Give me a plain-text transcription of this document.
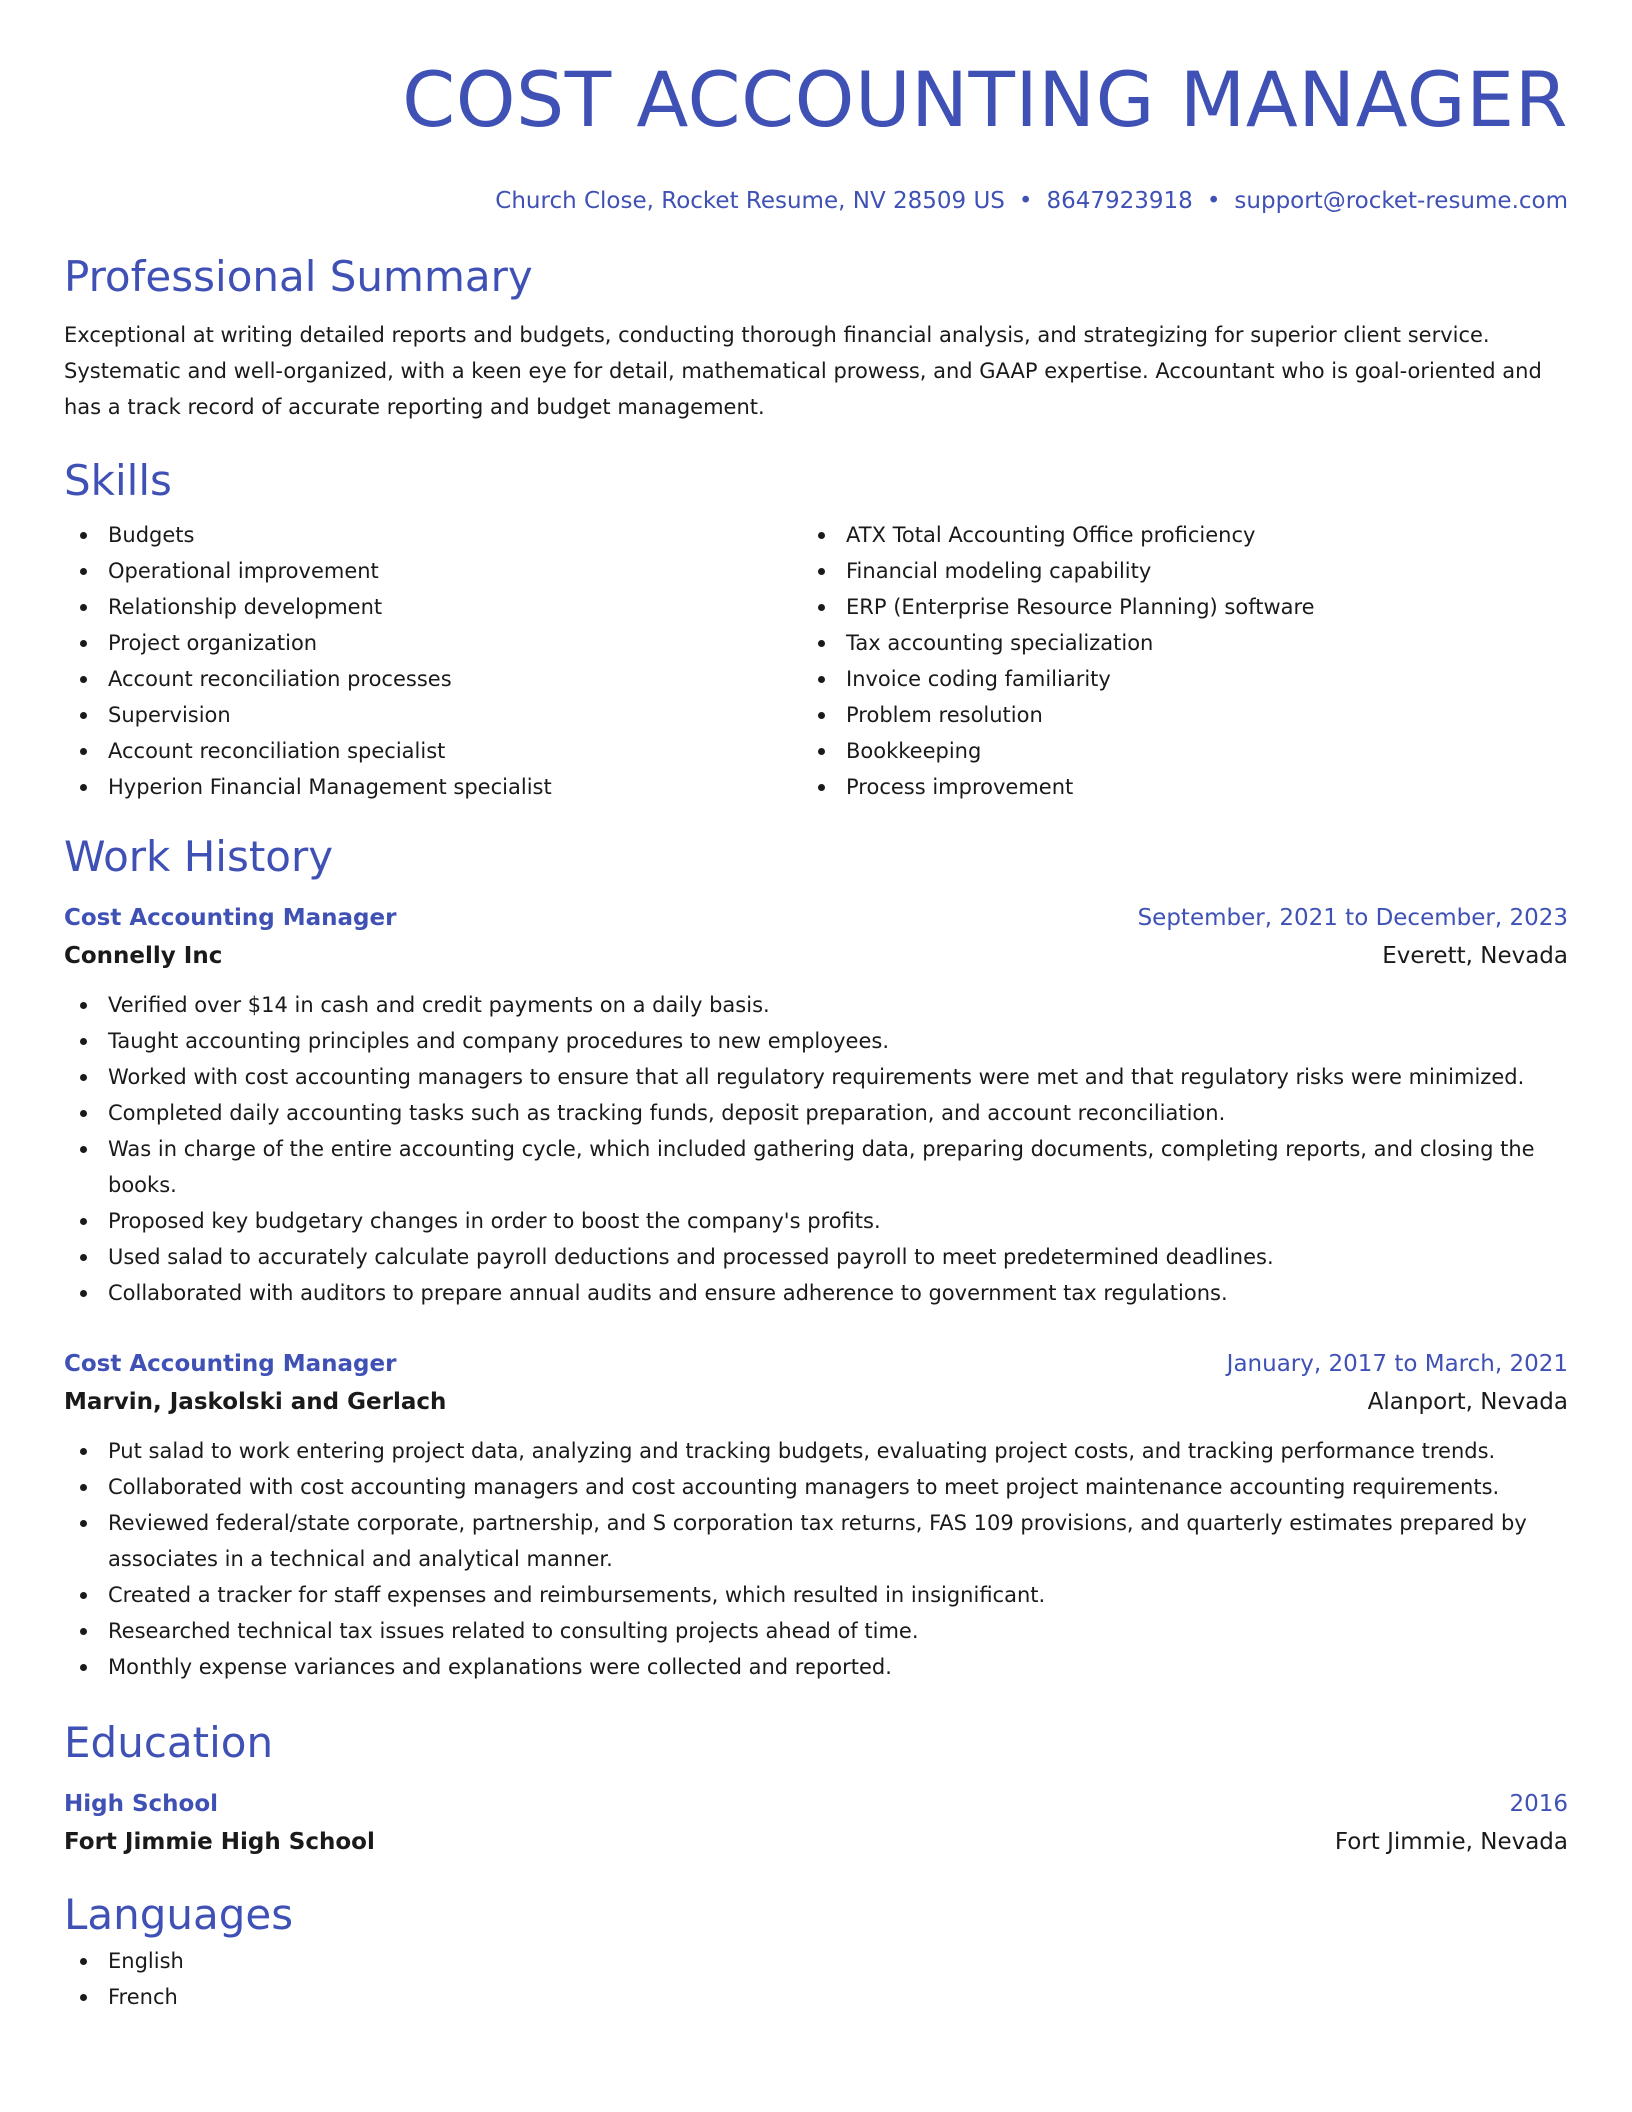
COST ACCOUNTING MANAGER
Church Close, Rocket Resume, NV 28509 US • 8647923918 • support@rocket-resume.com
Professional Summary
Exceptional at writing detailed reports and budgets, conducting thorough financial analysis, and strategizing for superior client service. Systematic and well-organized, with a keen eye for detail, mathematical prowess, and GAAP expertise. Accountant who is goal-oriented and has a track record of accurate reporting and budget management.
Skills
Budgets
Operational improvement
Relationship development
Project organization
Account reconciliation processes
Supervision
Account reconciliation specialist
Hyperion Financial Management specialist
ATX Total Accounting Office proficiency
Financial modeling capability
ERP (Enterprise Resource Planning) software
Tax accounting specialization
Invoice coding familiarity
Problem resolution
Bookkeeping
Process improvement
Work History
Cost Accounting Manager	September, 2021 to December, 2023
Connelly Inc	Everett, Nevada
Verified over $14 in cash and credit payments on a daily basis.
Taught accounting principles and company procedures to new employees.
Worked with cost accounting managers to ensure that all regulatory requirements were met and that regulatory risks were minimized.
Completed daily accounting tasks such as tracking funds, deposit preparation, and account reconciliation.
Was in charge of the entire accounting cycle, which included gathering data, preparing documents, completing reports, and closing the books.
Proposed key budgetary changes in order to boost the company's profits.
Used salad to accurately calculate payroll deductions and processed payroll to meet predetermined deadlines.
Collaborated with auditors to prepare annual audits and ensure adherence to government tax regulations.
Cost Accounting Manager	January, 2017 to March, 2021
Marvin, Jaskolski and Gerlach	Alanport, Nevada
Put salad to work entering project data, analyzing and tracking budgets, evaluating project costs, and tracking performance trends.
Collaborated with cost accounting managers and cost accounting managers to meet project maintenance accounting requirements.
Reviewed federal/state corporate, partnership, and S corporation tax returns, FAS 109 provisions, and quarterly estimates prepared by associates in a technical and analytical manner.
Created a tracker for staff expenses and reimbursements, which resulted in insignificant.
Researched technical tax issues related to consulting projects ahead of time.
Monthly expense variances and explanations were collected and reported.
Education
High School	2016
Fort Jimmie High School	Fort Jimmie, Nevada
Languages
English
French
